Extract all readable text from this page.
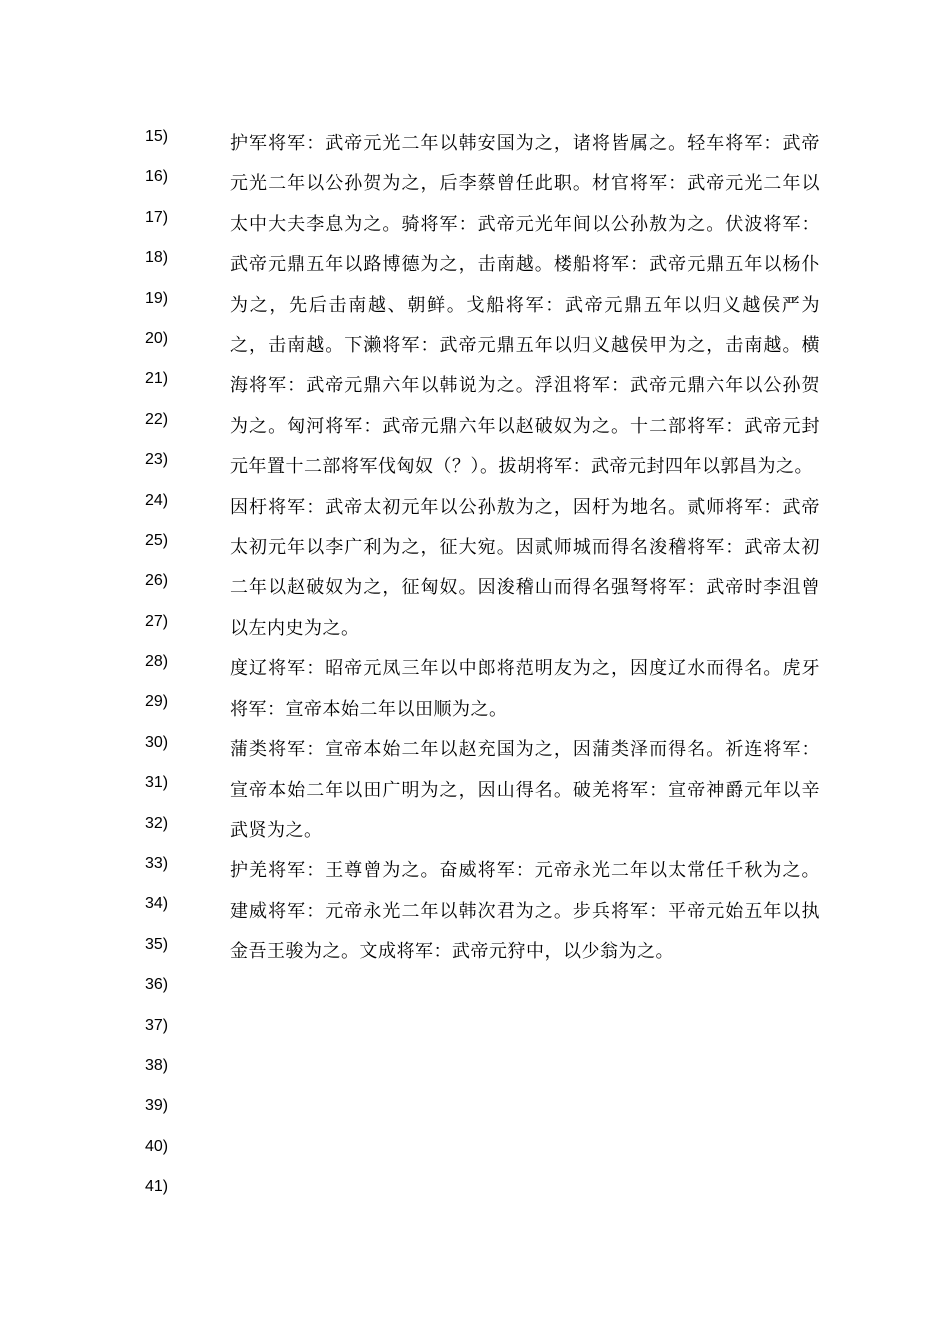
15)
16)
17)
18)
19)
20)
21)
22)
23)
24)
25)
26)
27)
28)
29)
30)
31)
32)
33)
34)
35)
36)
37)
38)
39)
40)
41)

护军将军：武帝元光二年以韩安国为之，诸将皆属之。轻车将军：武帝元光二年以公孙贺为之，后李蔡曾任此职。材官将军：武帝元光二年以太中大夫李息为之。骑将军：武帝元光年间以公孙敖为之。伏波将军：武帝元鼎五年以路博德为之，击南越。楼船将军：武帝元鼎五年以杨仆为之，先后击南越、朝鲜。戈船将军：武帝元鼎五年以归义越侯严为之，击南越。下濑将军：武帝元鼎五年以归义越侯甲为之，击南越。横海将军：武帝元鼎六年以韩说为之。浮沮将军：武帝元鼎六年以公孙贺为之。匈河将军：武帝元鼎六年以赵破奴为之。十二部将军：武帝元封元年置十二部将军伐匈奴（？）。拔胡将军：武帝元封四年以郭昌为之。

因杅将军：武帝太初元年以公孙敖为之，因杅为地名。贰师将军：武帝太初元年以李广利为之，征大宛。因贰师城而得名浚稽将军：武帝太初二年以赵破奴为之，征匈奴。因浚稽山而得名强弩将军：武帝时李沮曾以左内史为之。

度辽将军：昭帝元凤三年以中郎将范明友为之，因度辽水而得名。虎牙将军：宣帝本始二年以田顺为之。

蒲类将军：宣帝本始二年以赵充国为之，因蒲类泽而得名。祈连将军：宣帝本始二年以田广明为之，因山得名。破羌将军：宣帝神爵元年以辛武贤为之。

护羌将军：王尊曾为之。奋威将军：元帝永光二年以太常任千秋为之。建威将军：元帝永光二年以韩次君为之。步兵将军：平帝元始五年以执金吾王骏为之。文成将军：武帝元狩中，以少翁为之。
